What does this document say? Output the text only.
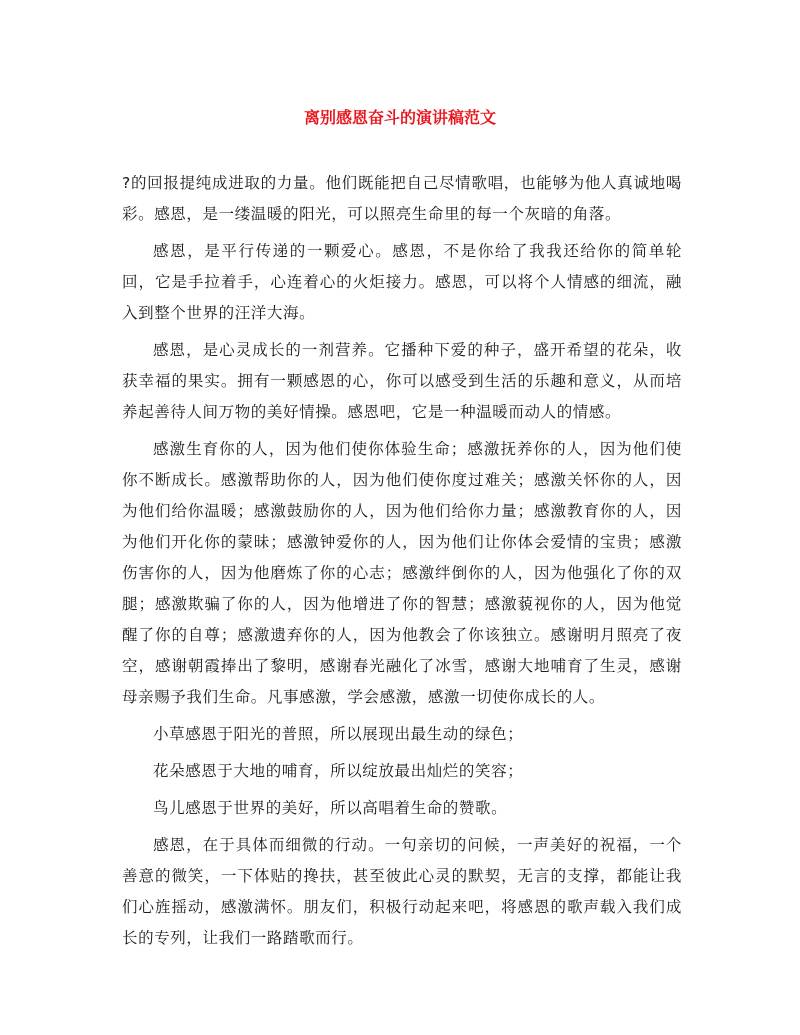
离别感恩奋斗的演讲稿范文

?的回报提纯成进取的力量。他们既能把自己尽情歌唱，也能够为他人真诚地喝彩。感恩，是一缕温暖的阳光，可以照亮生命里的每一个灰暗的角落。

感恩，是平行传递的一颗爱心。感恩，不是你给了我我还给你的简单轮回，它是手拉着手，心连着心的火炬接力。感恩，可以将个人情感的细流，融入到整个世界的汪洋大海。

感恩，是心灵成长的一剂营养。它播种下爱的种子，盛开希望的花朵，收获幸福的果实。拥有一颗感恩的心，你可以感受到生活的乐趣和意义，从而培养起善待人间万物的美好情操。感恩吧，它是一种温暖而动人的情感。

感激生育你的人，因为他们使你体验生命；感激抚养你的人，因为他们使你不断成长。感激帮助你的人，因为他们使你度过难关；感激关怀你的人，因为他们给你温暖；感激鼓励你的人，因为他们给你力量；感激教育你的人，因为他们开化你的蒙昧；感激钟爱你的人，因为他们让你体会爱情的宝贵；感激伤害你的人，因为他磨炼了你的心志；感激绊倒你的人，因为他强化了你的双腿；感激欺骗了你的人，因为他增进了你的智慧；感激藐视你的人，因为他觉醒了你的自尊；感激遗弃你的人，因为他教会了你该独立。感谢明月照亮了夜空，感谢朝霞捧出了黎明，感谢春光融化了冰雪，感谢大地哺育了生灵，感谢母亲赐予我们生命。凡事感激，学会感激，感激一切使你成长的人。

小草感恩于阳光的普照，所以展现出最生动的绿色；

花朵感恩于大地的哺育，所以绽放最出灿烂的笑容；

鸟儿感恩于世界的美好，所以高唱着生命的赞歌。

感恩，在于具体而细微的行动。一句亲切的问候，一声美好的祝福，一个善意的微笑，一下体贴的搀扶，甚至彼此心灵的默契，无言的支撑，都能让我们心旌摇动，感激满怀。朋友们，积极行动起来吧，将感恩的歌声载入我们成长的专列，让我们一路踏歌而行。
